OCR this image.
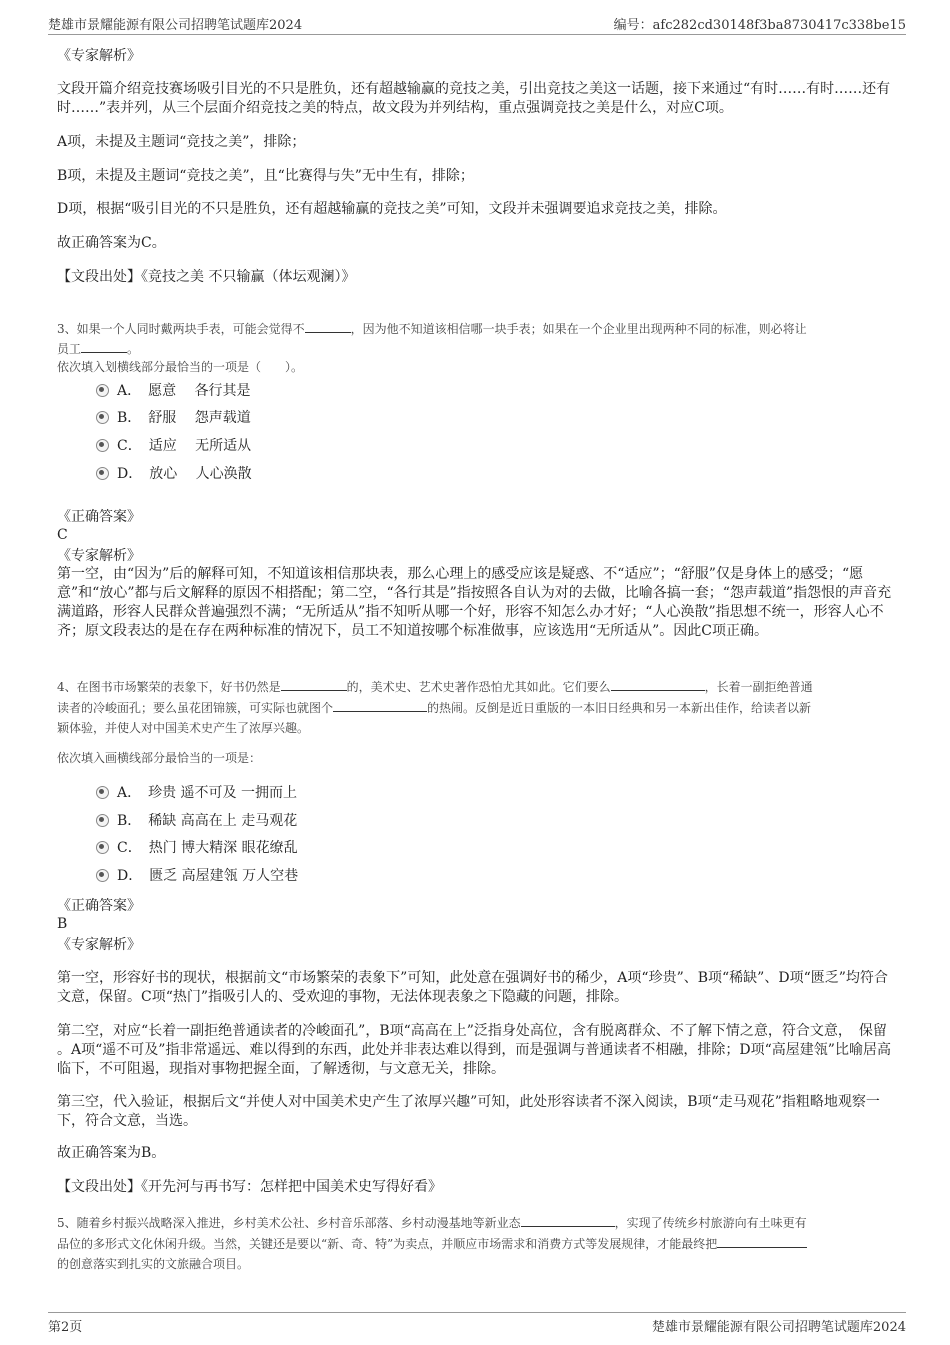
楚雄市景耀能源有限公司招聘笔试题库2024	编号：afc282cd30148f3ba8730417c338be15
《专家解析》
文段开篇介绍竞技赛场吸引目光的不只是胜负，还有超越输赢的竞技之美，引出竞技之美这一话题，接下来通过“有时……有时……还有时……”表并列，从三个层面介绍竞技之美的特点，故文段为并列结构，重点强调竞技之美是什么，对应C项。
A项，未提及主题词“竞技之美”，排除；
B项，未提及主题词“竞技之美”，且“比赛得与失”无中生有，排除；
D项，根据“吸引目光的不只是胜负，还有超越输赢的竞技之美”可知，文段并未强调要追求竞技之美，排除。
故正确答案为C。
【文段出处】《竞技之美 不只输赢（体坛观澜）》
3、如果一个人同时戴两块手表，可能会觉得不	，因为他不知道该相信哪一块手表；如果在一个企业里出现两种不同的标准，则必将让
员工	。
依次填入划横线部分最恰当的一项是（　　）。
A．　愿意　 各行其是
B．　舒服　 怨声载道
C．　适应　 无所适从
D．　放心　 人心涣散
《正确答案》
C
《专家解析》
第一空，由“因为”后的解释可知，不知道该相信那块表，那么心理上的感受应该是疑惑、不“适应”；“舒服”仅是身体上的感受；“愿意”和“放心”都与后文解释的原因不相搭配；第二空，“各行其是”指按照各自认为对的去做，比喻各搞一套；“怨声载道”指怨恨的声音充满道路，形容人民群众普遍强烈不满；“无所适从”指不知听从哪一个好，形容不知怎么办才好；“人心涣散”指思想不统一，形容人心不齐；原文段表达的是在存在两种标准的情况下，员工不知道按哪个标准做事，应该选用“无所适从”。因此C项正确。
4、在图书市场繁荣的表象下，好书仍然是	的，美术史、艺术史著作恐怕尤其如此。它们要么	，长着一副拒绝普通
读者的冷峻面孔；要么虽花团锦簇，可实际也就图个	的热闹。反倒是近日重版的一本旧日经典和另一本新出佳作，给读者以新
颖体验，并使人对中国美术史产生了浓厚兴趣。
依次填入画横线部分最恰当的一项是：
A．　珍贵 遥不可及 一拥而上
B．　稀缺 高高在上 走马观花
C．　热门 博大精深 眼花缭乱
D．　匮乏 高屋建瓴 万人空巷
《正确答案》
B
《专家解析》
第一空，形容好书的现状，根据前文“市场繁荣的表象下”可知，此处意在强调好书的稀少，A项“珍贵”、B项“稀缺”、D项“匮乏”均符合文意，保留。C项“热门”指吸引人的、受欢迎的事物，无法体现表象之下隐藏的问题，排除。
第二空，对应“长着一副拒绝普通读者的冷峻面孔”，B项“高高在上”泛指身处高位，含有脱离群众、不了解下情之意，符合文意，　保留 。A项“遥不可及”指非常遥远、难以得到的东西，此处并非表达难以得到，而是强调与普通读者不相融，排除；D项“高屋建瓴”比喻居高临下，不可阻遏，现指对事物把握全面，了解透彻，与文意无关，排除。
第三空，代入验证，根据后文“并使人对中国美术史产生了浓厚兴趣”可知，此处形容读者不深入阅读，B项“走马观花”指粗略地观察一下，符合文意，当选。
故正确答案为B。
【文段出处】《开先河与再书写：怎样把中国美术史写得好看》
5、随着乡村振兴战略深入推进，乡村美术公社、乡村音乐部落、乡村动漫基地等新业态	，实现了传统乡村旅游向有土味更有
品位的多形式文化休闲升级。当然，关键还是要以“新、奇、特”为卖点，并顺应市场需求和消费方式等发展规律，才能最终把
的创意落实到扎实的文旅融合项目。
第2页	楚雄市景耀能源有限公司招聘笔试题库2024
